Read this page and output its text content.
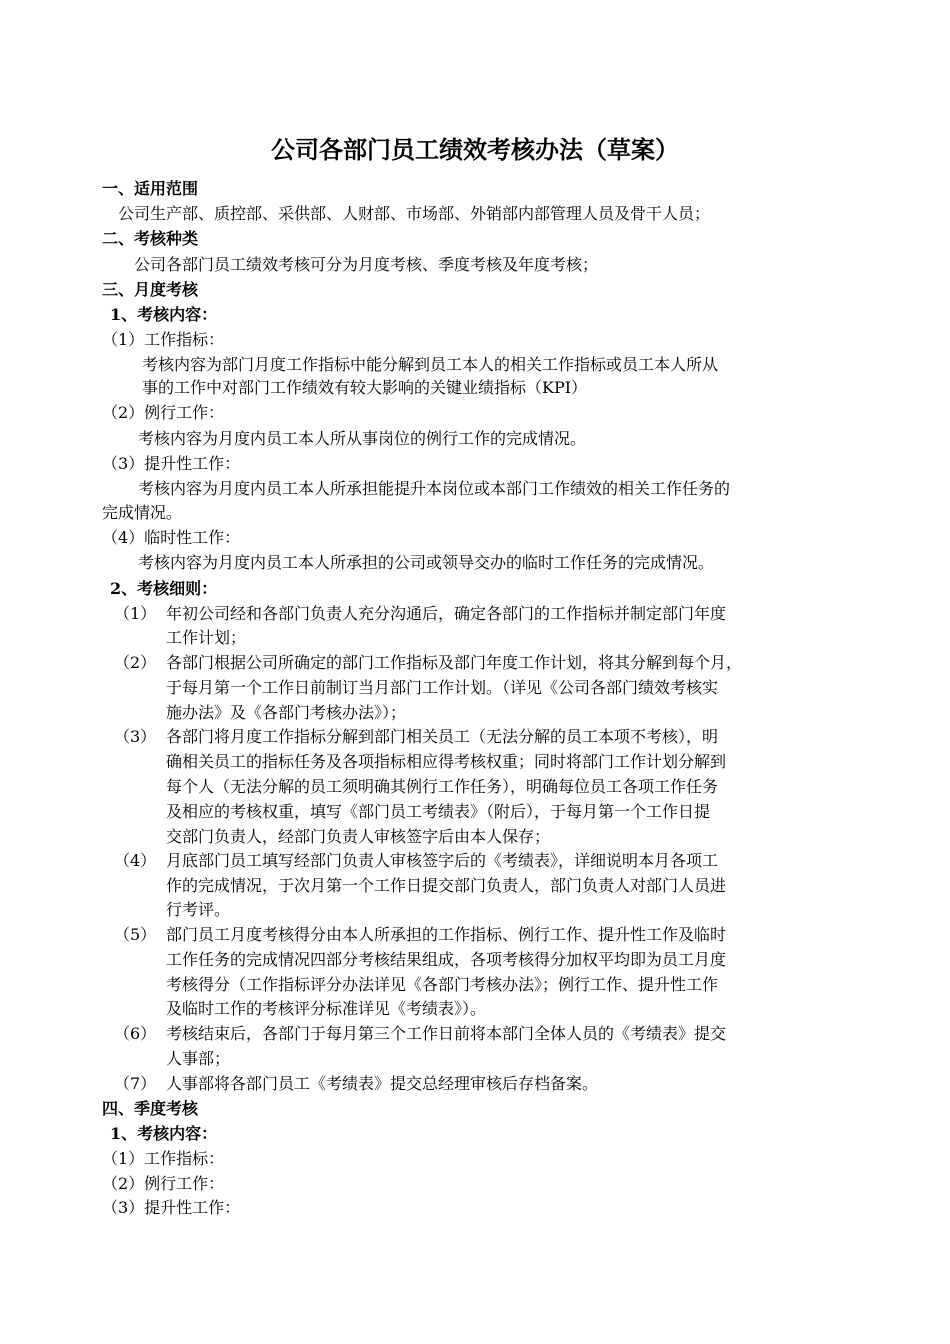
公司各部门员工绩效考核办法（草案）
一、适用范围
公司生产部、质控部、采供部、人财部、市场部、外销部内部管理人员及骨干人员；
二、考核种类
公司各部门员工绩效考核可分为月度考核、季度考核及年度考核；
三、月度考核
1、考核内容：
（1）工作指标：
考核内容为部门月度工作指标中能分解到员工本人的相关工作指标或员工本人所从
事的工作中对部门工作绩效有较大影响的关键业绩指标（KPI）
（2）例行工作：
考核内容为月度内员工本人所从事岗位的例行工作的完成情况。
（3）提升性工作：
考核内容为月度内员工本人所承担能提升本岗位或本部门工作绩效的相关工作任务的
完成情况。
（4）临时性工作：
考核内容为月度内员工本人所承担的公司或领导交办的临时工作任务的完成情况。
2、考核细则：
（1） 年初公司经和各部门负责人充分沟通后，确定各部门的工作指标并制定部门年度
工作计划；
（2） 各部门根据公司所确定的部门工作指标及部门年度工作计划，将其分解到每个月，
于每月第一个工作日前制订当月部门工作计划。（详见《公司各部门绩效考核实
施办法》及《各部门考核办法》）；
（3） 各部门将月度工作指标分解到部门相关员工（无法分解的员工本项不考核），明
确相关员工的指标任务及各项指标相应得考核权重；同时将部门工作计划分解到
每个人（无法分解的员工须明确其例行工作任务），明确每位员工各项工作任务
及相应的考核权重，填写《部门员工考绩表》（附后），于每月第一个工作日提
交部门负责人，经部门负责人审核签字后由本人保存；
（4） 月底部门员工填写经部门负责人审核签字后的《考绩表》，详细说明本月各项工
作的完成情况，于次月第一个工作日提交部门负责人，部门负责人对部门人员进
行考评。
（5） 部门员工月度考核得分由本人所承担的工作指标、例行工作、提升性工作及临时
工作任务的完成情况四部分考核结果组成，各项考核得分加权平均即为员工月度
考核得分（工作指标评分办法详见《各部门考核办法》；例行工作、提升性工作
及临时工作的考核评分标准详见《考绩表》）。
（6） 考核结束后，各部门于每月第三个工作日前将本部门全体人员的《考绩表》提交
人事部；
（7） 人事部将各部门员工《考绩表》提交总经理审核后存档备案。
四、季度考核
1、考核内容：
（1）工作指标：
（2）例行工作：
（3）提升性工作：
